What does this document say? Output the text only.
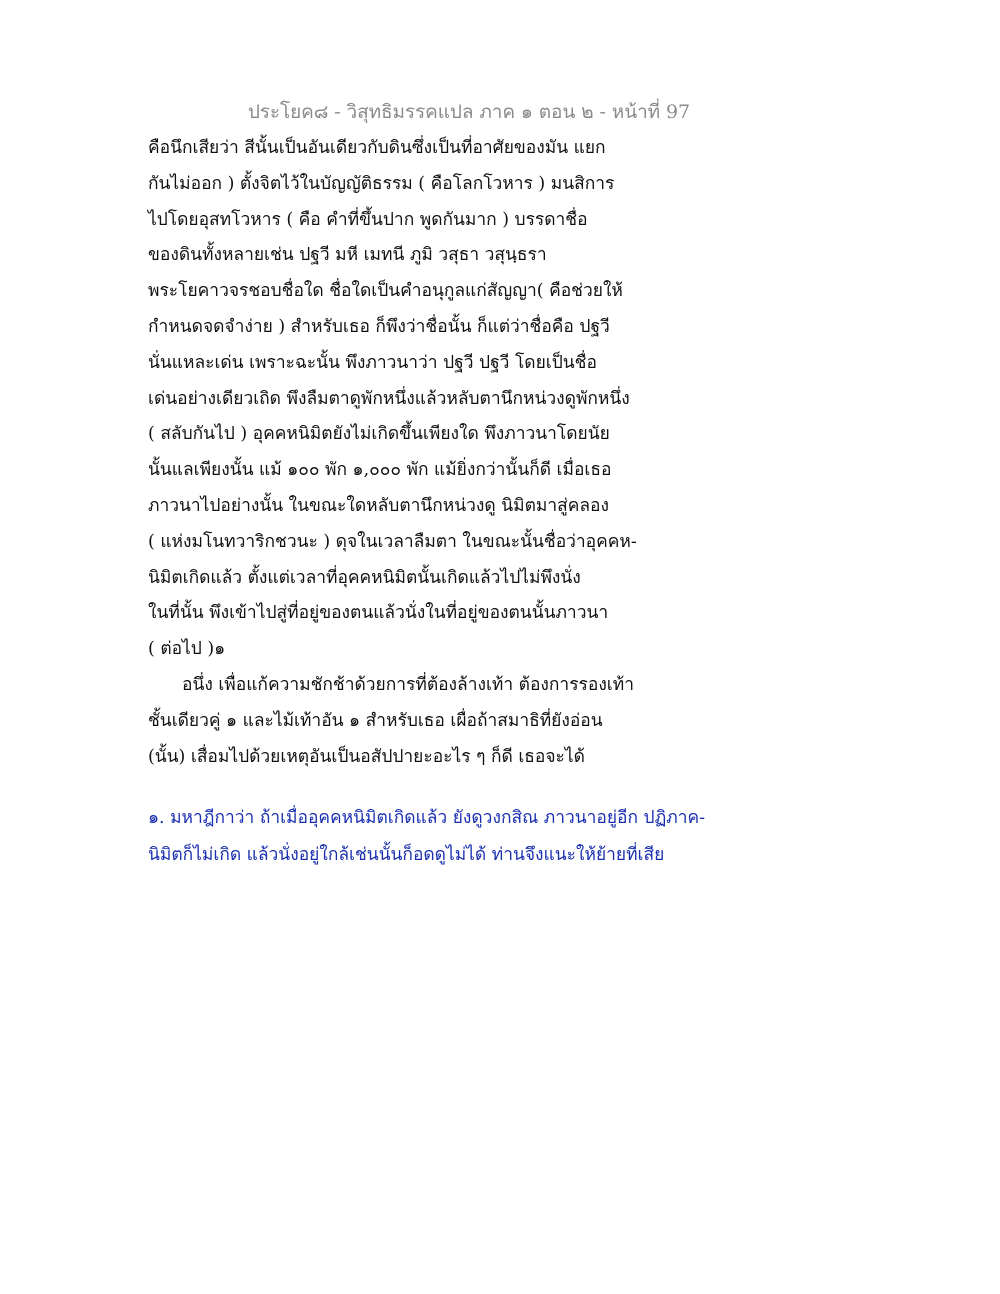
ประโยค๘ - วิสุทธิมรรคแปล ภาค ๑ ตอน ๒ - หน้าที่ 97
คือนึกเสียว่า สีนั้นเป็นอันเดียวกับดินซึ่งเป็นที่อาศัยของมัน แยก
กันไม่ออก ) ตั้งจิตไว้ในบัญญัติธรรม ( คือโลกโวหาร ) มนสิการ
ไปโดยอุสทโวหาร ( คือ คำที่ขึ้นปาก พูดกันมาก ) บรรดาชื่อ
ของดินทั้งหลายเช่น ปฐวี มหี เมทนี ภูมิ วสุธา วสุนฺธรา
พระโยคาวจรชอบชื่อใด ชื่อใดเป็นคำอนุกูลแก่สัญญา( คือช่วยให้
กำหนดจดจำง่าย ) สำหรับเธอ ก็พึงว่าชื่อนั้น ก็แต่ว่าชื่อคือ ปฐวี
นั่นแหละเด่น เพราะฉะนั้น พึงภาวนาว่า ปฐวี ปฐวี โดยเป็นชื่อ
เด่นอย่างเดียวเถิด พึงลืมตาดูพักหนึ่งแล้วหลับตานึกหน่วงดูพักหนึ่ง
( สลับกันไป ) อุคคหนิมิตยังไม่เกิดขึ้นเพียงใด พึงภาวนาโดยนัย
นั้นแลเพียงนั้น แม้ ๑๐๐ พัก ๑,๐๐๐ พัก แม้ยิ่งกว่านั้นก็ดี เมื่อเธอ
ภาวนาไปอย่างนั้น ในขณะใดหลับตานึกหน่วงดู นิมิตมาสู่คลอง
( แห่งมโนทวาริกชวนะ ) ดุจในเวลาลืมตา ในขณะนั้นชื่อว่าอุคคห-
นิมิตเกิดแล้ว ตั้งแต่เวลาที่อุคคหนิมิตนั้นเกิดแล้วไปไม่พึงนั่ง
ในที่นั้น พึงเข้าไปสู่ที่อยู่ของตนแล้วนั่งในที่อยู่ของตนนั้นภาวนา
( ต่อไป )๑
อนึ่ง เพื่อแก้ความชักช้าด้วยการที่ต้องล้างเท้า ต้องการรองเท้า
ชั้นเดียวคู่ ๑ และไม้เท้าอัน ๑ สำหรับเธอ เผื่อถ้าสมาธิที่ยังอ่อน
(นั้น) เสื่อมไปด้วยเหตุอันเป็นอสัปปายะอะไร ๆ ก็ดี เธอจะได้
๑. มหาฎีกาว่า ถ้าเมื่ออุคคหนิมิตเกิดแล้ว ยังดูวงกสิณ ภาวนาอยู่อีก ปฏิภาค-
นิมิตก็ไม่เกิด แล้วนั่งอยู่ใกล้เช่นนั้นก็อดดูไม่ได้ ท่านจึงแนะให้ย้ายที่เสีย
